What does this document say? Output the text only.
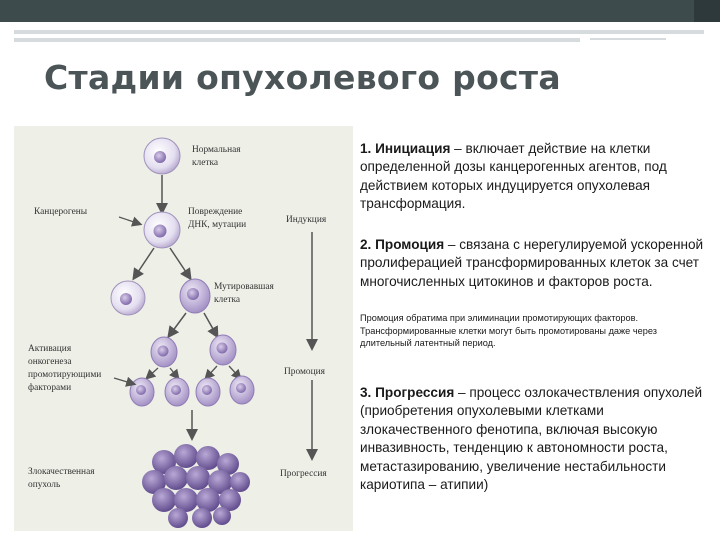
Стадии опухолевого роста
Нормальная
клетка
Канцерогены	Повреждение
ДНК, мутации	Индукция
Мутировавшая
клетка
Активация
онкогенеза
промотирующими
факторами
Промоция
Злокачественная
опухоль
Прогрессия
1. Инициация – включает действие на клетки определенной дозы канцерогенных агентов, под действием которых индуцируется опухолевая трансформация.
2. Промоция – связана с нерегулируемой ускоренной пролиферацией трансформированных клеток за счет многочисленных цитокинов и факторов роста.
Промоция обратима при элиминации промотирующих факторов. Трансформированные клетки могут быть промотированы даже через длительный латентный период.
3. Прогрессия – процесс озлокачествления опухолей (приобретения опухолевыми клетками злокачественного фенотипа, включая высокую инвазивность, тенденцию к автономности роста, метастазированию, увеличение нестабильности кариотипа – атипии)
